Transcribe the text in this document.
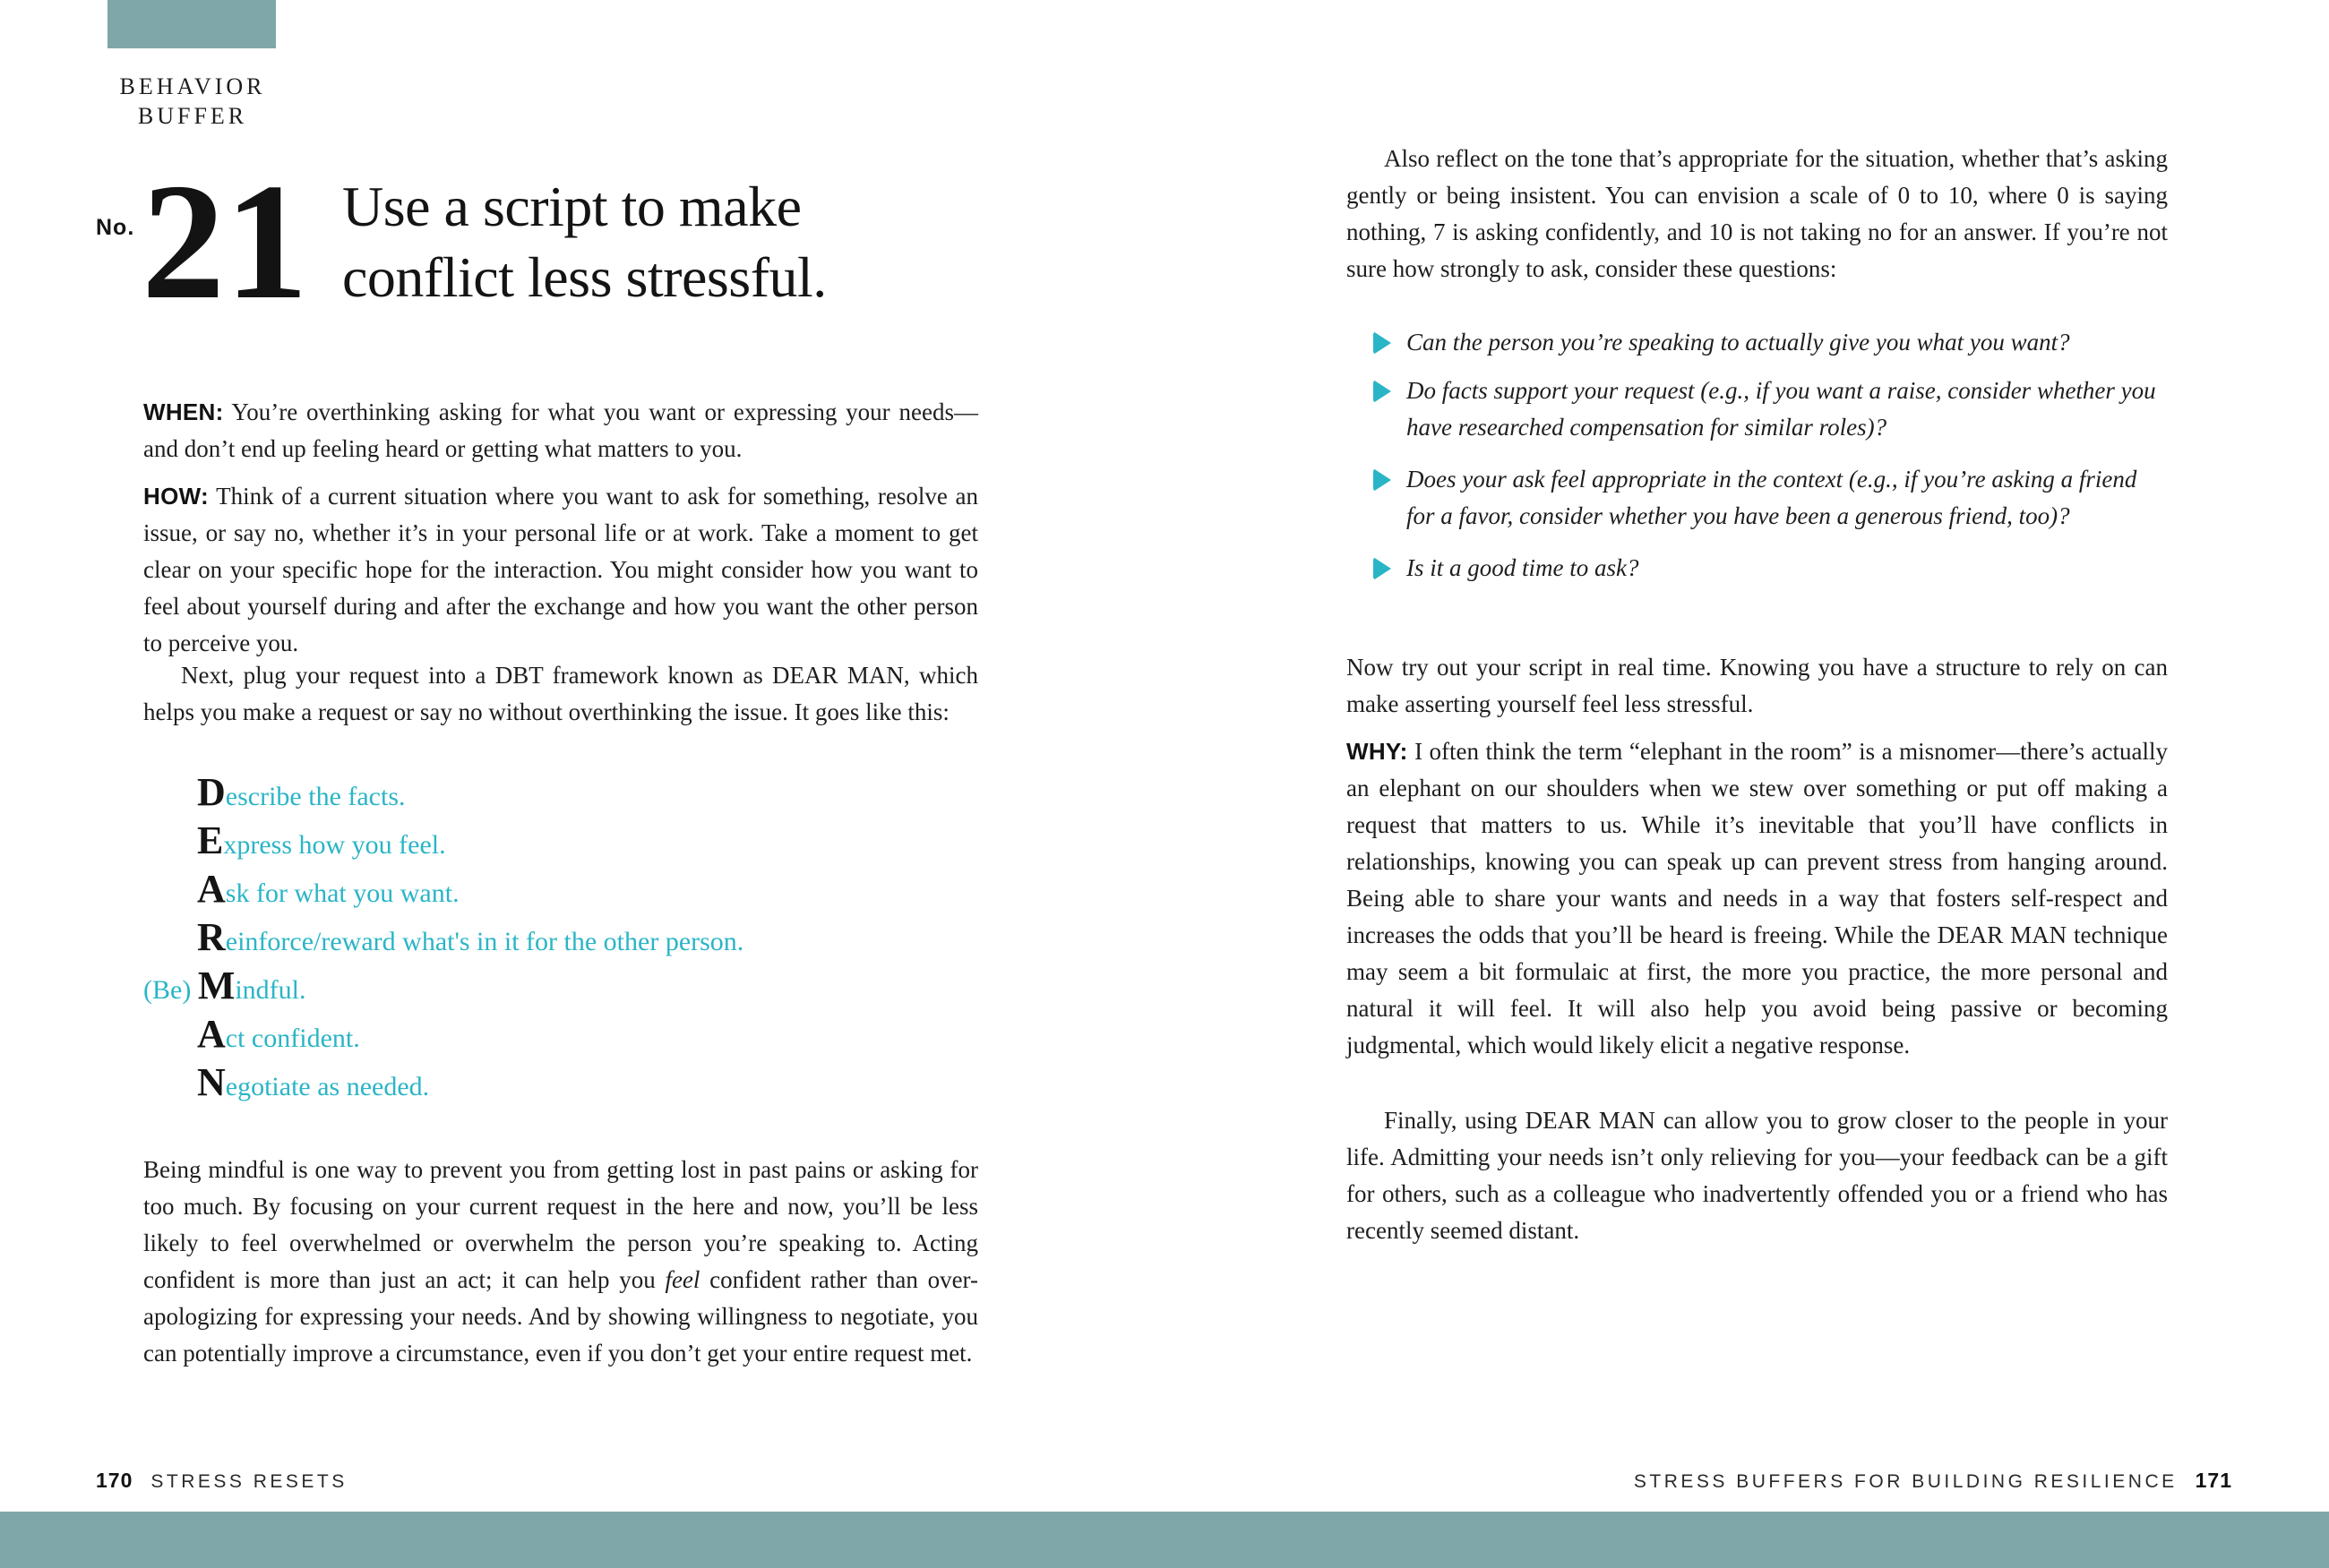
BEHAVIOR
BUFFER
No. 21 Use a script to make
conflict less stressful.

WHEN: You’re overthinking asking for what you want or expressing your needs—and don’t end up feeling heard or getting what matters to you.

HOW: Think of a current situation where you want to ask for something, resolve an issue, or say no, whether it’s in your personal life or at work. Take a moment to get clear on your specific hope for the interaction. You might consider how you want to feel about yourself during and after the exchange and how you want the other person to perceive you.

Next, plug your request into a DBT framework known as DEAR MAN, which helps you make a request or say no without overthinking the issue. It goes like this:

Describe the facts.
Express how you feel.
Ask for what you want.
Reinforce/reward what's in it for the other person.
(Be) Mindful.
Act confident.
Negotiate as needed.

Being mindful is one way to prevent you from getting lost in past pains or asking for too much. By focusing on your current request in the here and now, you’ll be less likely to feel overwhelmed or overwhelm the person you’re speaking to. Acting confident is more than just an act; it can help you feel confident rather than over-apologizing for expressing your needs. And by showing willingness to negotiate, you can potentially improve a circumstance, even if you don’t get your entire request met.

170 STRESS RESETS

Also reflect on the tone that’s appropriate for the situation, whether that’s asking gently or being insistent. You can envision a scale of 0 to 10, where 0 is saying nothing, 7 is asking confidently, and 10 is not taking no for an answer. If you’re not sure how strongly to ask, consider these questions:

Can the person you’re speaking to actually give you what you want?
Do facts support your request (e.g., if you want a raise, consider whether you have researched compensation for similar roles)?
Does your ask feel appropriate in the context (e.g., if you’re asking a friend for a favor, consider whether you have been a generous friend, too)?
Is it a good time to ask?

Now try out your script in real time. Knowing you have a structure to rely on can make asserting yourself feel less stressful.

WHY: I often think the term “elephant in the room” is a misnomer—there’s actually an elephant on our shoulders when we stew over something or put off making a request that matters to us. While it’s inevitable that you’ll have conflicts in relationships, knowing you can speak up can prevent stress from hanging around. Being able to share your wants and needs in a way that fosters self-respect and increases the odds that you’ll be heard is freeing. While the DEAR MAN technique may seem a bit formulaic at first, the more you practice, the more personal and natural it will feel. It will also help you avoid being passive or becoming judgmental, which would likely elicit a negative response.

Finally, using DEAR MAN can allow you to grow closer to the people in your life. Admitting your needs isn’t only relieving for you—your feedback can be a gift for others, such as a colleague who inadvertently offended you or a friend who has recently seemed distant.

STRESS BUFFERS FOR BUILDING RESILIENCE 171
